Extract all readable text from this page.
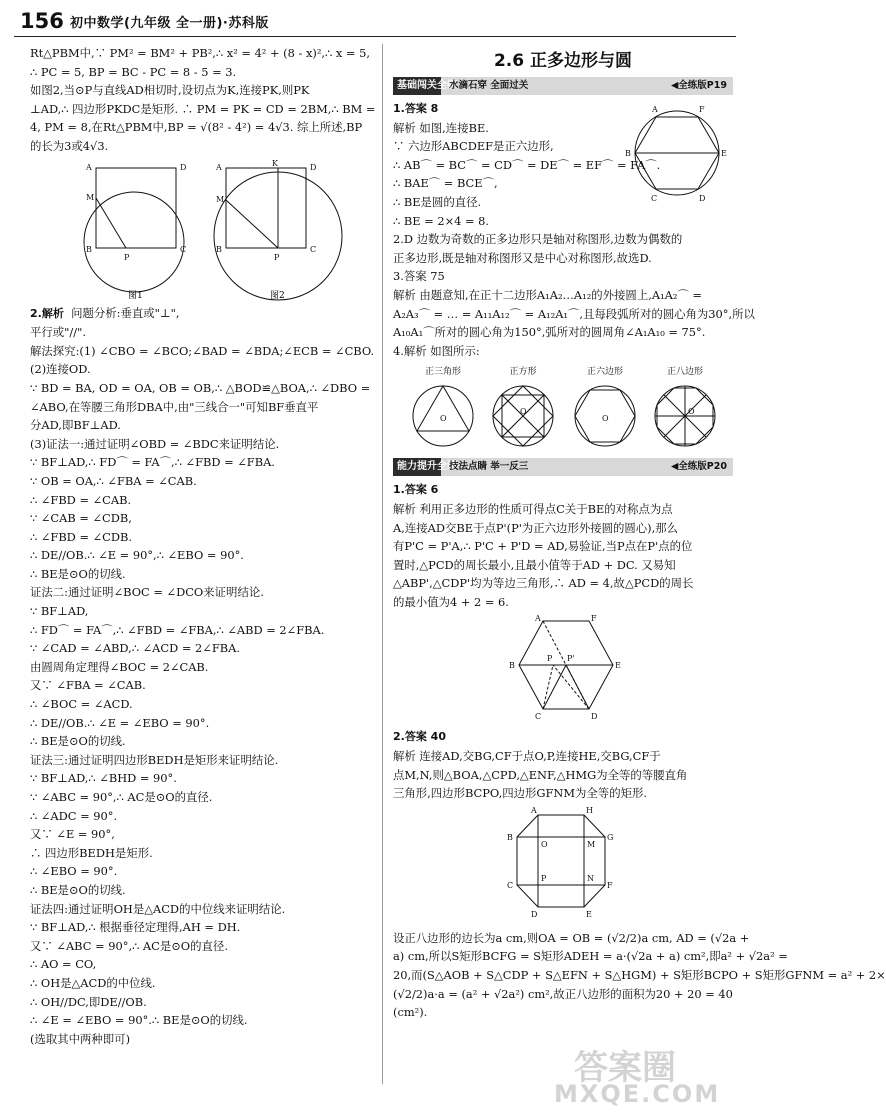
156 初中数学(九年级 全一册)·苏科版
Rt△PBM中,∵ PM² = BM² + PB²,∴ x² = 4² + (8 - x)²,∴ x = 5,
∴ PC = 5, BP = BC - PC = 8 - 5 = 3.
如图2,当⊙P与直线AD相切时,设切点为K,连接PK,则PK
⊥AD,∴ 四边形PKDC是矩形. ∴ PM = PK = CD = 2BM,∴ BM =
4, PM = 8,在Rt△PBM中,BP = √(8² - 4²) = 4√3. 综上所述,BP
的长为3或4√3.
A	D
M
B	C
P
图1
A	K	D
M
B	C
P
图2
2.解析 问题分析:垂直或"⊥",
平行或"//".
解法探究:(1) ∠CBO = ∠BCO;∠BAD = ∠BDA;∠ECB = ∠CBO.
(2)连接OD.
∵ BD = BA, OD = OA, OB = OB,∴ △BOD≌△BOA,∴ ∠DBO =
∠ABO,在等腰三角形DBA中,由"三线合一"可知BF垂直平
分AD,即BF⊥AD.
(3)证法一:通过证明∠OBD = ∠BDC来证明结论.
∵ BF⊥AD,∴ FD⌒ = FA⌒,∴ ∠FBD = ∠FBA.
∵ OB = OA,∴ ∠FBA = ∠CAB.
∴ ∠FBD = ∠CAB.
∵ ∠CAB = ∠CDB,
∴ ∠FBD = ∠CDB.
∴ DE//OB.∴ ∠E = 90°,∴ ∠EBO = 90°.
∴ BE是⊙O的切线.
证法二:通过证明∠BOC = ∠DCO来证明结论.
∵ BF⊥AD,
∴ FD⌒ = FA⌒,∴ ∠FBD = ∠FBA,∴ ∠ABD = 2∠FBA.
∵ ∠CAD = ∠ABD,∴ ∠ACD = 2∠FBA.
由圆周角定理得∠BOC = 2∠CAB.
又∵ ∠FBA = ∠CAB.
∴ ∠BOC = ∠ACD.
∴ DE//OB.∴ ∠E = ∠EBO = 90°.
∴ BE是⊙O的切线.
证法三:通过证明四边形BEDH是矩形来证明结论.
∵ BF⊥AD,∴ ∠BHD = 90°.
∵ ∠ABC = 90°,∴ AC是⊙O的直径.
∴ ∠ADC = 90°.
又∵ ∠E = 90°,
∴ 四边形BEDH是矩形.
∴ ∠EBO = 90°.
∴ BE是⊙O的切线.
证法四:通过证明OH是△ACD的中位线来证明结论.
∵ BF⊥AD,∴ 根据垂径定理得,AH = DH.
又∵ ∠ABC = 90°,∴ AC是⊙O的直径.
∴ AO = CO,
∴ OH是△ACD的中位线.
∴ OH//DC,即DE//OB.
∴ ∠E = ∠EBO = 90°.∴ BE是⊙O的切线.
(选取其中两种即可)
2.6 正多边形与圆
基础闯关全练
水滴石穿 全面过关	◀全练版P19
1.答案 8
解析 如图,连接BE.
∵ 六边形ABCDEF是正六边形,
∴ AB⌒ = BC⌒ = CD⌒ = DE⌒ = EF⌒ = FA⌒.
∴ BAE⌒ = BCE⌒,
∴ BE是圆的直径.
∴ BE = 2×4 = 8.
A	F
B	E
C	D
2.D 边数为奇数的正多边形只是轴对称图形,边数为偶数的
正多边形,既是轴对称图形又是中心对称图形,故选D.
3.答案 75
解析 由题意知,在正十二边形A₁A₂…A₁₂的外接圆上,A₁A₂⌒ =
A₂A₃⌒ = … = A₁₁A₁₂⌒ = A₁₂A₁⌒,且每段弧所对的圆心角为30°,所以
A₁₀A₁⌒所对的圆心角为150°,弧所对的圆周角∠A₁A₁₀ = 75°.
4.解析 如图所示:
正三角形	正方形	正六边形	正八边形
O
O
O
O
能力提升全练
技法点睛 举一反三	◀全练版P20
1.答案 6
解析 利用正多边形的性质可得点C关于BE的对称点为点
A,连接AD交BE于点P'(P'为正六边形外接圆的圆心),那么
有P'C = P'A,∴ P'C + P'D = AD,易验证,当P点在P'点的位
置时,△PCD的周长最小,且最小值等于AD + DC. 又易知
△ABP',△CDP'均为等边三角形,∴ AD = 4,故△PCD的周长
的最小值为4 + 2 = 6.
A	F
B	E
C	D
P P'
2.答案 40
解析 连接AD,交BG,CF于点O,P,连接HE,交BG,CF于
点M,N,则△BOA,△CPD,△ENF,△HMG为全等的等腰直角
三角形,四边形BCPO,四边形GFNM为全等的矩形.
A	H
B	G
C	F
D	E
O	M
P	N
设正八边形的边长为a cm,则OA = OB = (√2/2)a cm, AD = (√2a +
a) cm,所以S矩形BCFG = S矩形ADEH = a·(√2a + a) cm²,即a² + √2a² =
20,而(S△AOB + S△CDP + S△EFN + S△HGM) + S矩形BCPO + S矩形GFNM = a² + 2×
(√2/2)a·a = (a² + √2a²) cm²,故正八边形的面积为20 + 20 = 40
(cm²).
答案圈
MXQE.COM
